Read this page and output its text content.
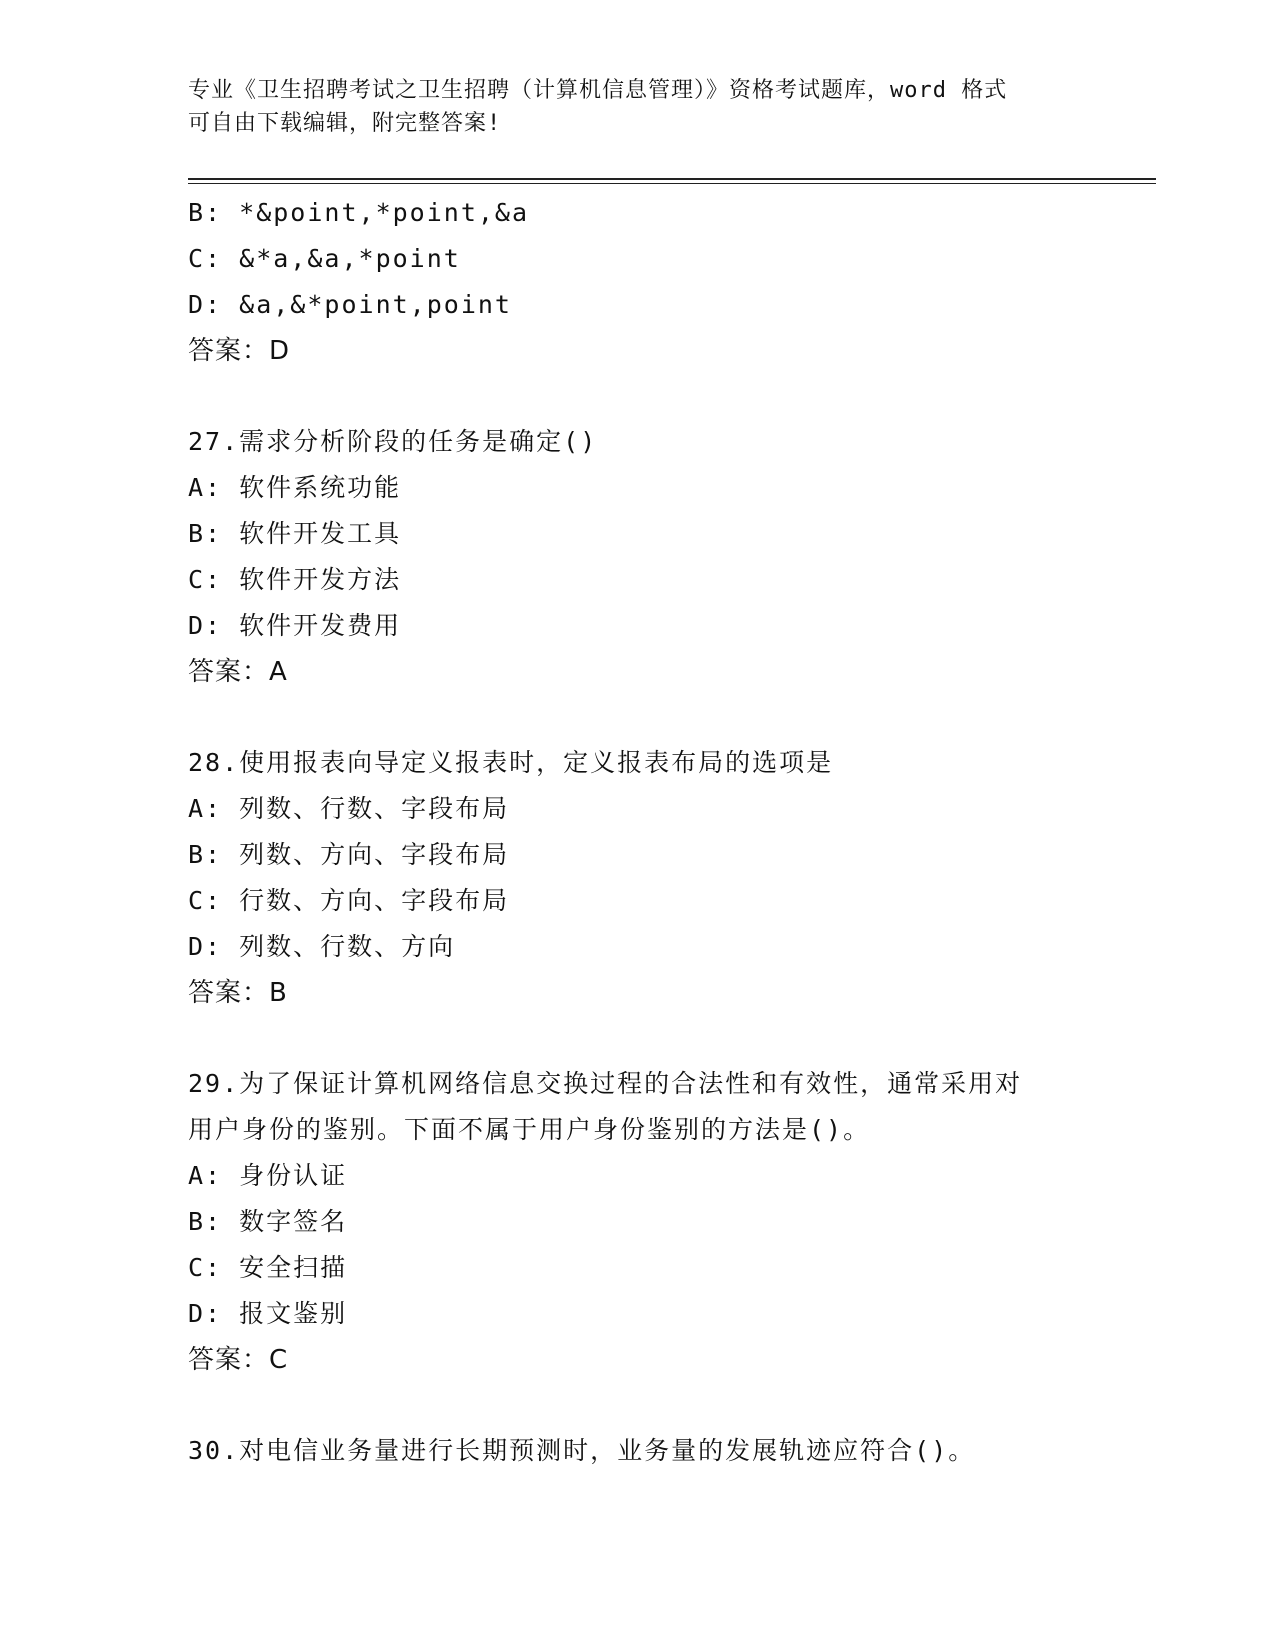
专业《卫生招聘考试之卫生招聘（计算机信息管理）》资格考试题库，word 格式
可自由下载编辑，附完整答案!
B: *&point,*point,&a
C: &*a,&a,*point
D: &a,&*point,point
答案：D
27.需求分析阶段的任务是确定()
A: 软件系统功能
B: 软件开发工具
C: 软件开发方法
D: 软件开发费用
答案：A
28.使用报表向导定义报表时，定义报表布局的选项是
A: 列数、行数、字段布局
B: 列数、方向、字段布局
C: 行数、方向、字段布局
D: 列数、行数、方向
答案：B
29.为了保证计算机网络信息交换过程的合法性和有效性，通常采用对
用户身份的鉴别。下面不属于用户身份鉴别的方法是()。
A: 身份认证
B: 数字签名
C: 安全扫描
D: 报文鉴别
答案：C
30.对电信业务量进行长期预测时，业务量的发展轨迹应符合()。
